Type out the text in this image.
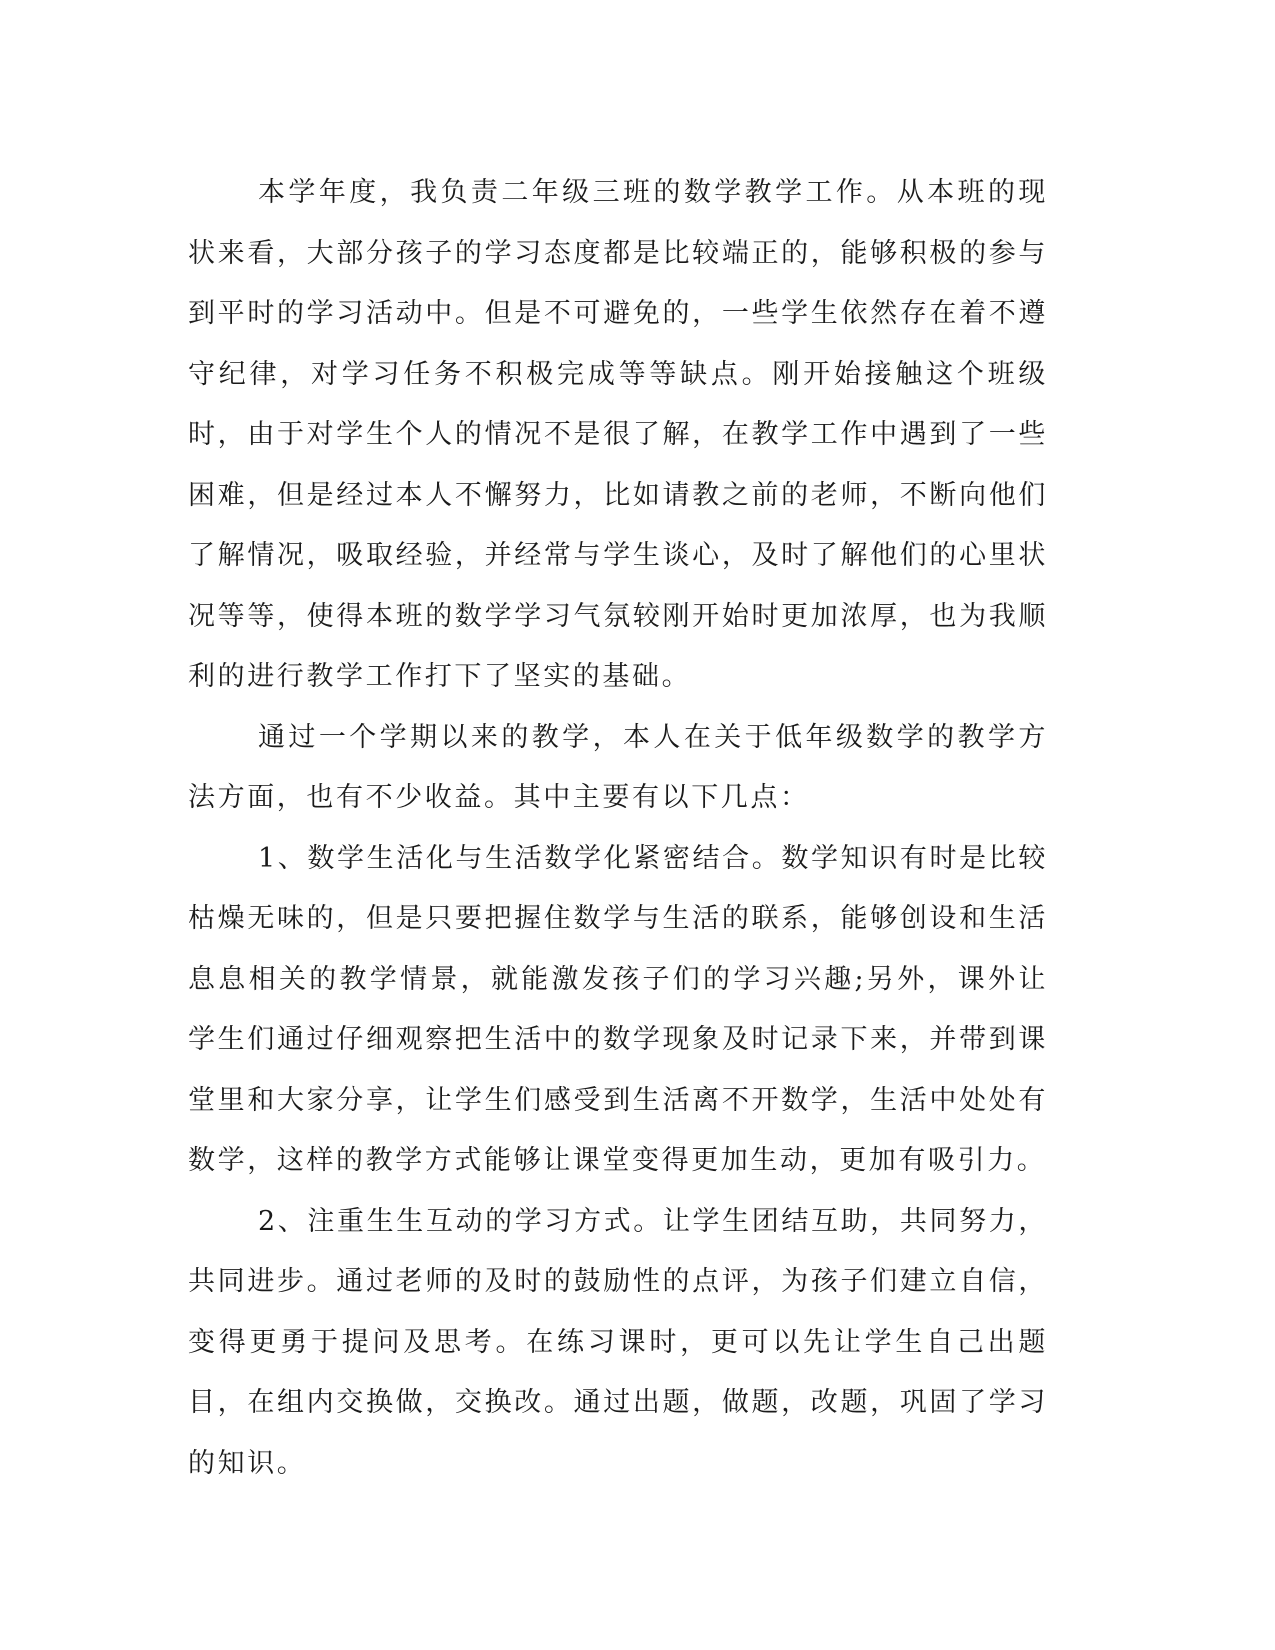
本学年度，我负责二年级三班的数学教学工作。从本班的现状来看，大部分孩子的学习态度都是比较端正的，能够积极的参与到平时的学习活动中。但是不可避免的，一些学生依然存在着不遵守纪律，对学习任务不积极完成等等缺点。刚开始接触这个班级时，由于对学生个人的情况不是很了解，在教学工作中遇到了一些困难，但是经过本人不懈努力，比如请教之前的老师，不断向他们了解情况，吸取经验，并经常与学生谈心，及时了解他们的心里状况等等，使得本班的数学学习气氛较刚开始时更加浓厚，也为我顺利的进行教学工作打下了坚实的基础。

通过一个学期以来的教学，本人在关于低年级数学的教学方法方面，也有不少收益。其中主要有以下几点：

1、数学生活化与生活数学化紧密结合。数学知识有时是比较枯燥无味的，但是只要把握住数学与生活的联系，能够创设和生活息息相关的教学情景，就能激发孩子们的学习兴趣;另外，课外让学生们通过仔细观察把生活中的数学现象及时记录下来，并带到课堂里和大家分享，让学生们感受到生活离不开数学，生活中处处有数学，这样的教学方式能够让课堂变得更加生动，更加有吸引力。

2、注重生生互动的学习方式。让学生团结互助，共同努力，共同进步。通过老师的及时的鼓励性的点评，为孩子们建立自信，变得更勇于提问及思考。在练习课时，更可以先让学生自己出题目，在组内交换做，交换改。通过出题，做题，改题，巩固了学习的知识。
